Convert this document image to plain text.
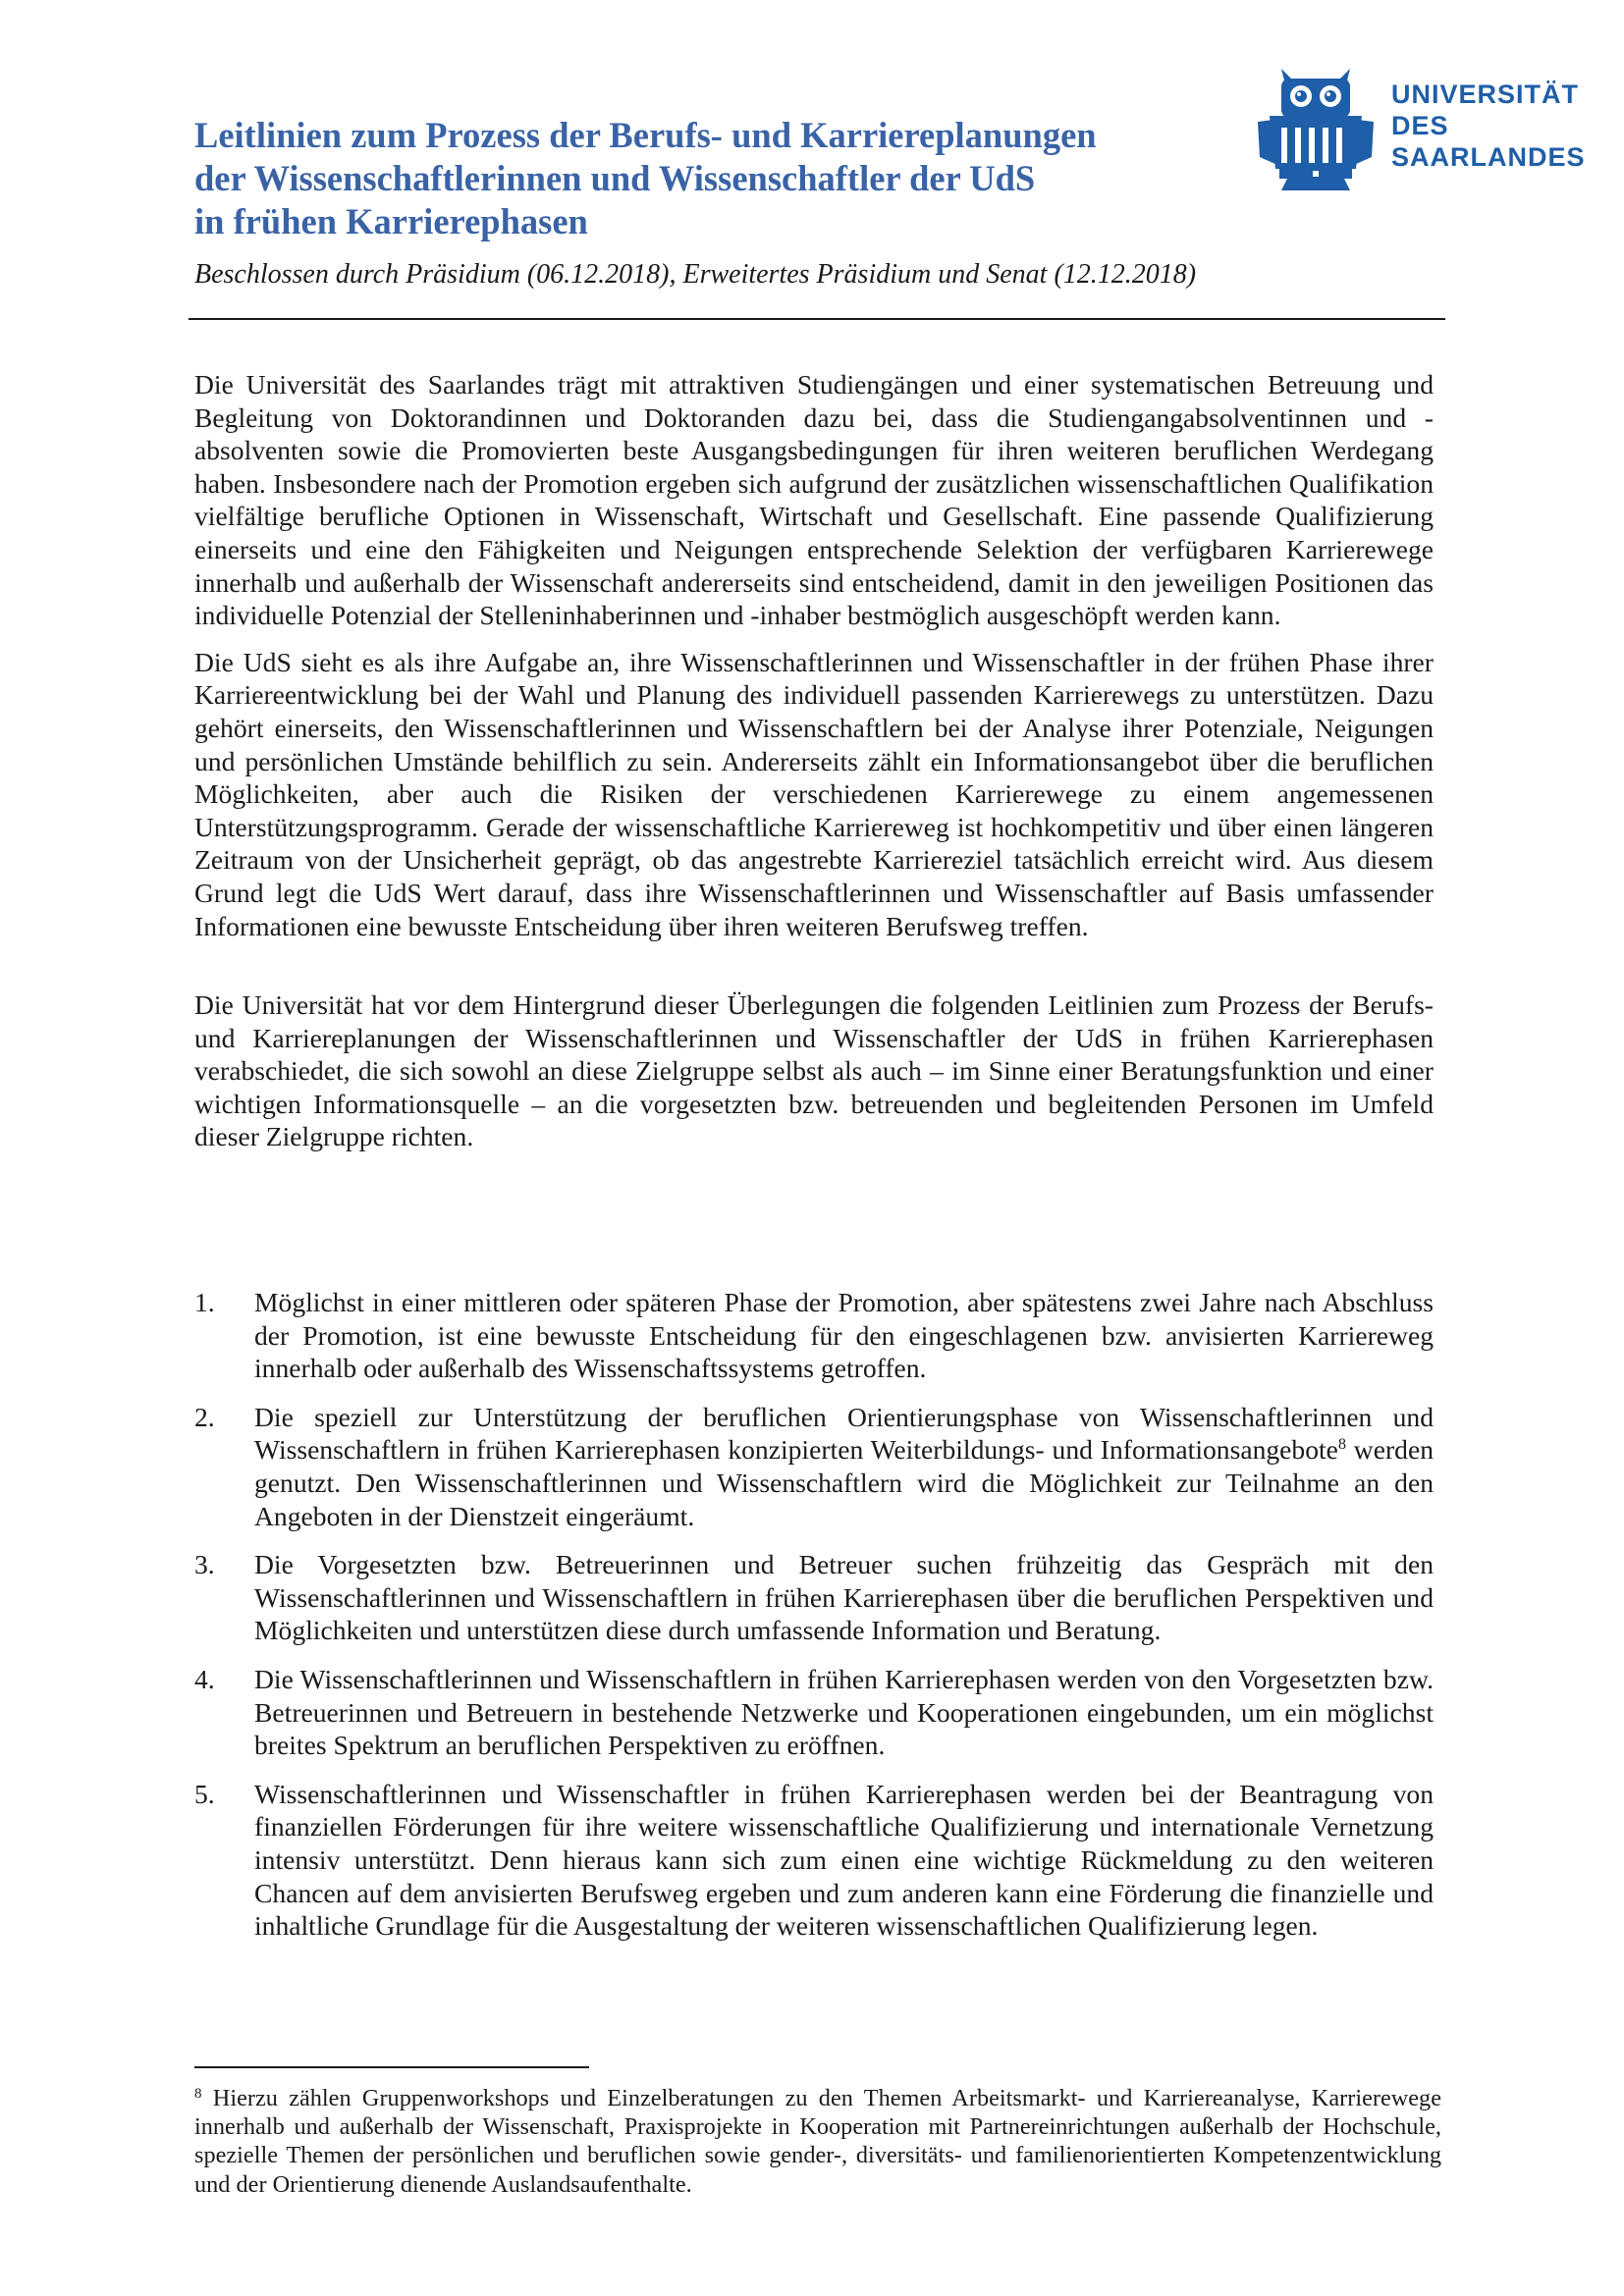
Leitlinien zum Prozess der Berufs- und Karriereplanungen
der Wissenschaftlerinnen und Wissenschaftler der UdS
in frühen Karrierephasen
Beschlossen durch Präsidium (06.12.2018), Erweitertes Präsidium und Senat (12.12.2018)
UNIVERSITÄT
DES
SAARLANDES

Die Universität des Saarlandes trägt mit attraktiven Studiengängen und einer systematischen Betreuung und Begleitung von Doktorandinnen und Doktoranden dazu bei, dass die Studiengangabsolventinnen und -absolventen sowie die Promovierten beste Ausgangsbedingungen für ihren weiteren beruflichen Werdegang haben. Insbesondere nach der Promotion ergeben sich aufgrund der zusätzlichen wissenschaftlichen Qualifikation vielfältige berufliche Optionen in Wissenschaft, Wirtschaft und Gesellschaft. Eine passende Qualifizierung einerseits und eine den Fähigkeiten und Neigungen entsprechende Selektion der verfügbaren Karrierewege innerhalb und außerhalb der Wissenschaft andererseits sind entscheidend, damit in den jeweiligen Positionen das individuelle Potenzial der Stelleninhaberinnen und -inhaber bestmöglich ausgeschöpft werden kann.

Die UdS sieht es als ihre Aufgabe an, ihre Wissenschaftlerinnen und Wissenschaftler in der frühen Phase ihrer Karriereentwicklung bei der Wahl und Planung des individuell passenden Karrierewegs zu unterstützen. Dazu gehört einerseits, den Wissenschaftlerinnen und Wissenschaftlern bei der Analyse ihrer Potenziale, Neigungen und persönlichen Umstände behilflich zu sein. Andererseits zählt ein Informationsangebot über die beruflichen Möglichkeiten, aber auch die Risiken der verschiedenen Karrierewege zu einem angemessenen Unterstützungsprogramm. Gerade der wissenschaftliche Karriereweg ist hochkompetitiv und über einen längeren Zeitraum von der Unsicherheit geprägt, ob das angestrebte Karriereziel tatsächlich erreicht wird. Aus diesem Grund legt die UdS Wert darauf, dass ihre Wissenschaftlerinnen und Wissenschaftler auf Basis umfassender Informationen eine bewusste Entscheidung über ihren weiteren Berufsweg treffen.

Die Universität hat vor dem Hintergrund dieser Überlegungen die folgenden Leitlinien zum Prozess der Berufs- und Karriereplanungen der Wissenschaftlerinnen und Wissenschaftler der UdS in frühen Karrierephasen verabschiedet, die sich sowohl an diese Zielgruppe selbst als auch – im Sinne einer Beratungsfunktion und einer wichtigen Informationsquelle – an die vorgesetzten bzw. betreuenden und begleitenden Personen im Umfeld dieser Zielgruppe richten.

1.	Möglichst in einer mittleren oder späteren Phase der Promotion, aber spätestens zwei Jahre nach Abschluss der Promotion, ist eine bewusste Entscheidung für den eingeschlagenen bzw. anvisierten Karriereweg innerhalb oder außerhalb des Wissenschaftssystems getroffen.
2.	Die speziell zur Unterstützung der beruflichen Orientierungsphase von Wissenschaftlerinnen und Wissenschaftlern in frühen Karrierephasen konzipierten Weiterbildungs- und Informationsangebote$^8$ werden genutzt. Den Wissenschaftlerinnen und Wissenschaftlern wird die Möglichkeit zur Teilnahme an den Angeboten in der Dienstzeit eingeräumt.
3.	Die Vorgesetzten bzw. Betreuerinnen und Betreuer suchen frühzeitig das Gespräch mit den Wissenschaftlerinnen und Wissenschaftlern in frühen Karrierephasen über die beruflichen Perspektiven und Möglichkeiten und unterstützen diese durch umfassende Information und Beratung.
4.	Die Wissenschaftlerinnen und Wissenschaftlern in frühen Karrierephasen werden von den Vorgesetzten bzw. Betreuerinnen und Betreuern in bestehende Netzwerke und Kooperationen eingebunden, um ein möglichst breites Spektrum an beruflichen Perspektiven zu eröffnen.
5.	Wissenschaftlerinnen und Wissenschaftler in frühen Karrierephasen werden bei der Beantragung von finanziellen Förderungen für ihre weitere wissenschaftliche Qualifizierung und internationale Vernetzung intensiv unterstützt. Denn hieraus kann sich zum einen eine wichtige Rückmeldung zu den weiteren Chancen auf dem anvisierten Berufsweg ergeben und zum anderen kann eine Förderung die finanzielle und inhaltliche Grundlage für die Ausgestaltung der weiteren wissenschaftlichen Qualifizierung legen.
$^8$ Hierzu zählen Gruppenworkshops und Einzelberatungen zu den Themen Arbeitsmarkt- und Karriereanalyse, Karrierewege innerhalb und außerhalb der Wissenschaft, Praxisprojekte in Kooperation mit Partnereinrichtungen außerhalb der Hochschule, spezielle Themen der persönlichen und beruflichen sowie gender-, diversitäts- und familienorientierten Kompetenzentwicklung und der Orientierung dienende Auslandsaufenthalte.
